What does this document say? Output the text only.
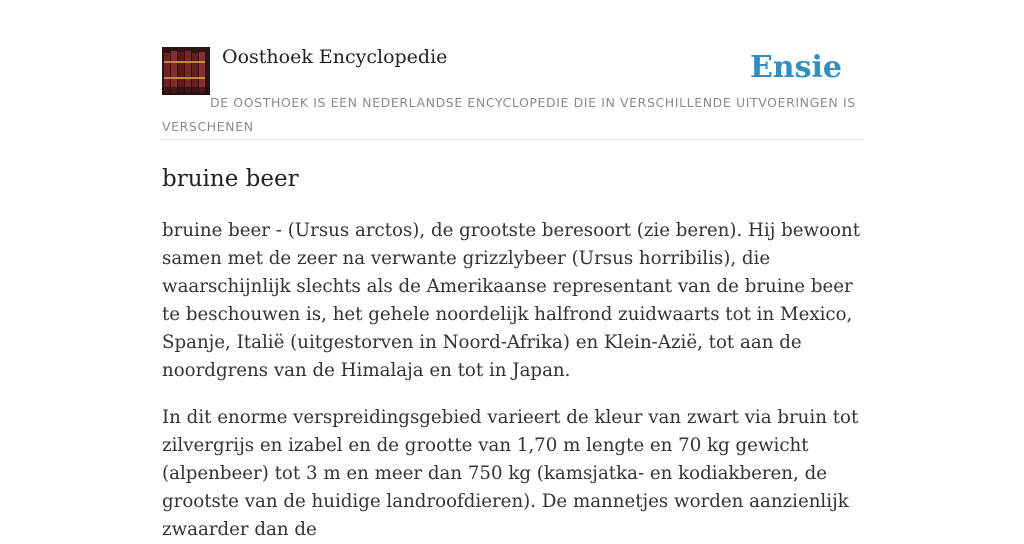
Oosthoek Encyclopedie	Ensie
DE OOSTHOEK IS EEN NEDERLANDSE ENCYCLOPEDIE DIE IN VERSCHILLENDE UITVOERINGEN IS VERSCHENEN
bruine beer

bruine beer - (Ursus arctos), de grootste beresoort (zie beren). Hij bewoont samen met de zeer na verwante grizzlybeer (Ursus horribilis), die waarschijnlijk slechts als de Amerikaanse representant van de bruine beer te beschouwen is, het gehele noordelijk halfrond zuidwaarts tot in Mexico, Spanje, Italië (uitgestorven in Noord-Afrika) en Klein-Azië, tot aan de noordgrens van de Himalaja en tot in Japan.

In dit enorme verspreidingsgebied varieert de kleur van zwart via bruin tot zilvergrijs en izabel en de grootte van 1,70 m lengte en 70 kg gewicht (alpenbeer) tot 3 m en meer dan 750 kg (kamsjatka- en kodiakberen, de grootste van de huidige landroofdieren). De mannetjes worden aanzienlijk zwaarder dan de
